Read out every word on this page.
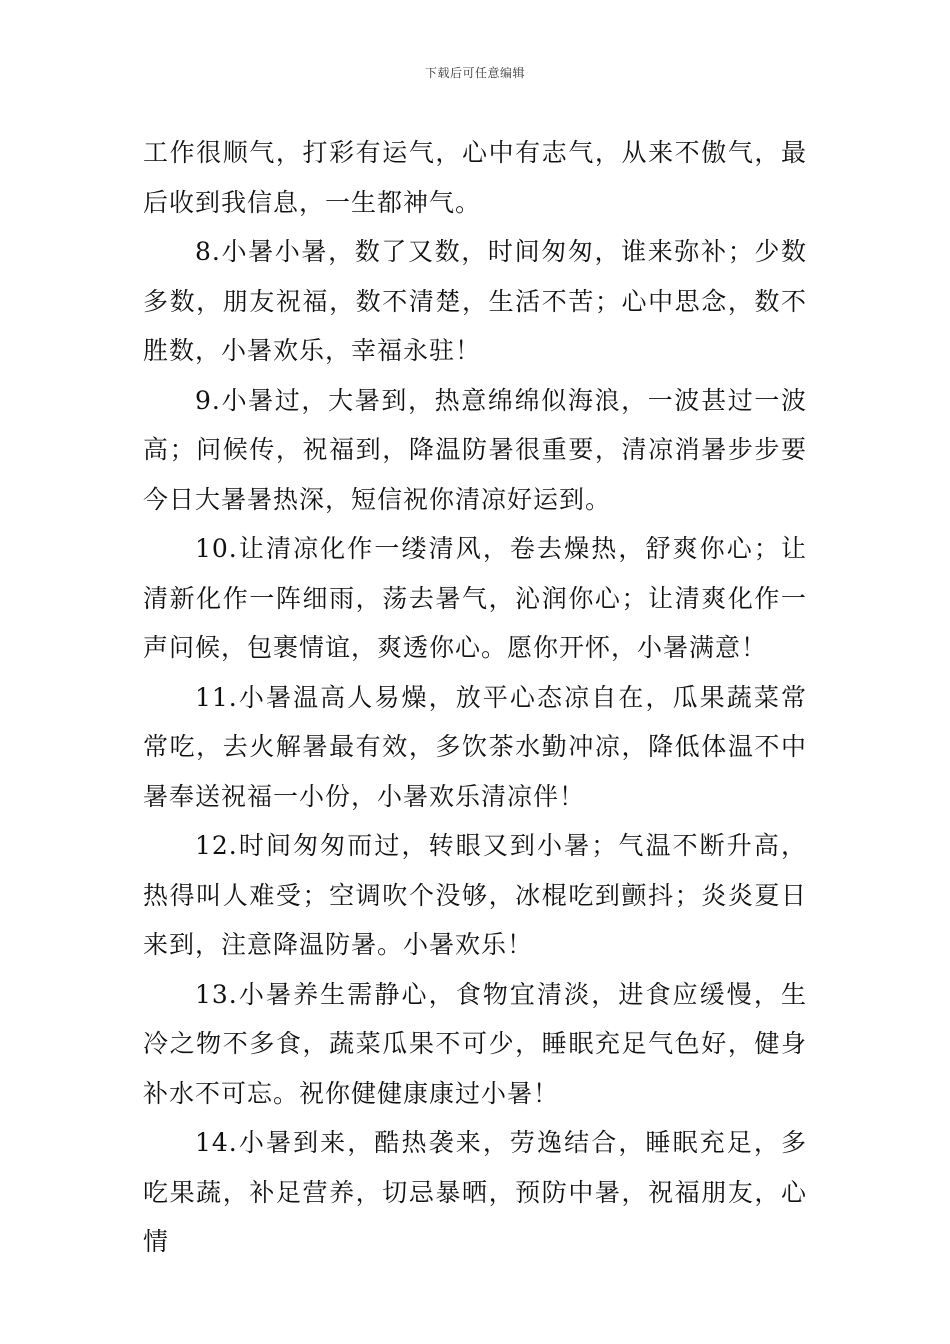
下载后可任意编辑

工作很顺气，打彩有运气，心中有志气，从来不傲气，最后收到我信息，一生都神气。

8.小暑小暑，数了又数，时间匆匆，谁来弥补；少数多数，朋友祝福，数不清楚，生活不苦；心中思念，数不胜数，小暑欢乐，幸福永驻！

9.小暑过，大暑到，热意绵绵似海浪，一波甚过一波高；问候传，祝福到，降温防暑很重要，清凉消暑步步要今日大暑暑热深，短信祝你清凉好运到。

10.让清凉化作一缕清风，卷去燥热，舒爽你心；让清新化作一阵细雨，荡去暑气，沁润你心；让清爽化作一声问候，包裹情谊，爽透你心。愿你开怀，小暑满意！

11.小暑温高人易燥，放平心态凉自在，瓜果蔬菜常常吃，去火解暑最有效，多饮茶水勤冲凉，降低体温不中暑奉送祝福一小份，小暑欢乐清凉伴！

12.时间匆匆而过，转眼又到小暑；气温不断升高，热得叫人难受；空调吹个没够，冰棍吃到颤抖；炎炎夏日来到，注意降温防暑。小暑欢乐！

13.小暑养生需静心，食物宜清淡，进食应缓慢，生冷之物不多食，蔬菜瓜果不可少，睡眠充足气色好，健身补水不可忘。祝你健健康康过小暑！

14.小暑到来，酷热袭来，劳逸结合，睡眠充足，多吃果蔬，补足营养，切忌暴晒，预防中暑，祝福朋友，心情
